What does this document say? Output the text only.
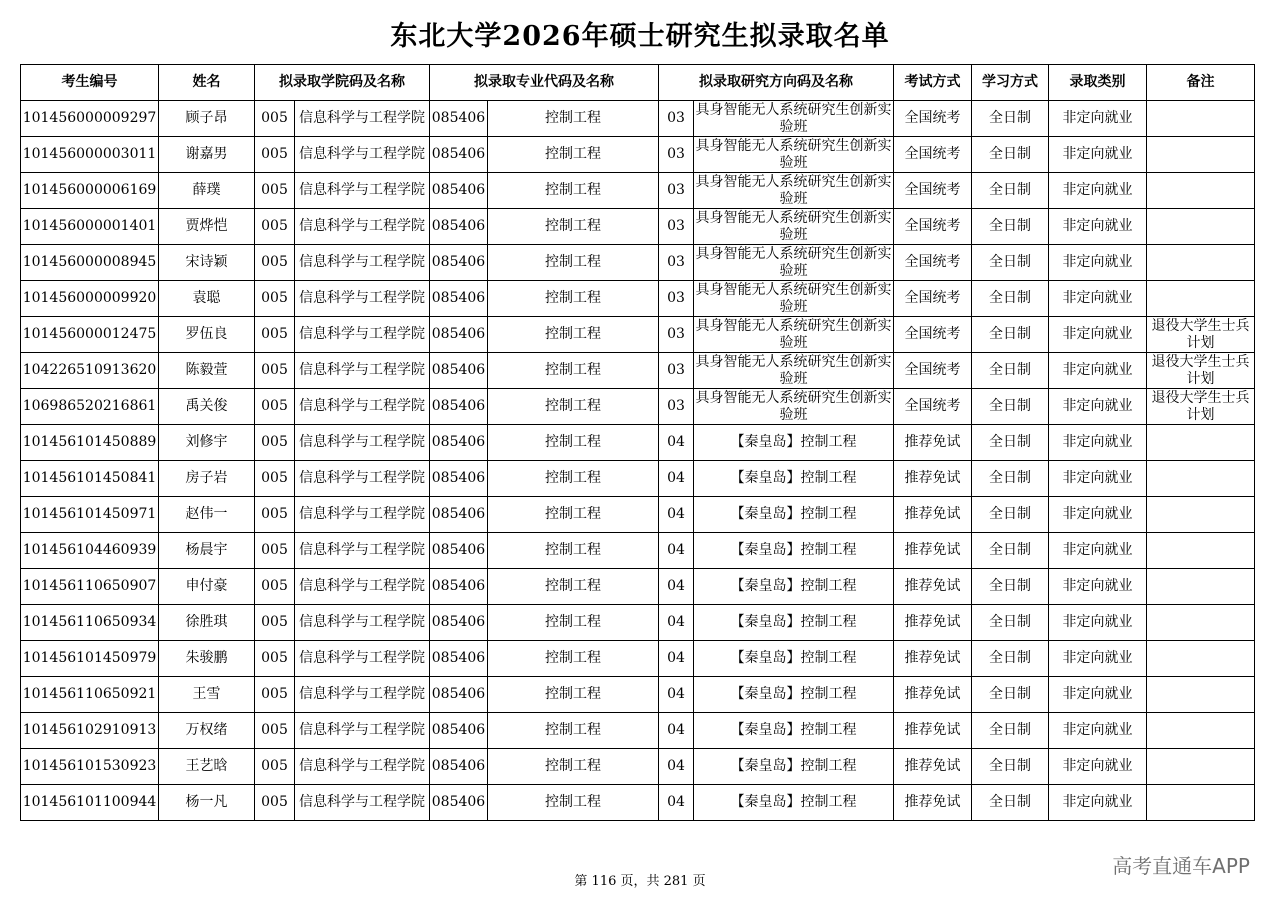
东北大学2026年硕士研究生拟录取名单
考生编号	姓名	拟录取学院码及名称		拟录取专业代码及名称		拟录取研究方向码及名称		考试方式	学习方式	录取类别	备注
101456000009297	顾子昂	005	信息科学与工程学院	085406	控制工程	03	具身智能无人系统研究生创新实验班	全国统考	全日制	非定向就业	
101456000003011	谢嘉男	005	信息科学与工程学院	085406	控制工程	03	具身智能无人系统研究生创新实验班	全国统考	全日制	非定向就业	
101456000006169	薛璞	005	信息科学与工程学院	085406	控制工程	03	具身智能无人系统研究生创新实验班	全国统考	全日制	非定向就业	
101456000001401	贾烨恺	005	信息科学与工程学院	085406	控制工程	03	具身智能无人系统研究生创新实验班	全国统考	全日制	非定向就业	
101456000008945	宋诗颖	005	信息科学与工程学院	085406	控制工程	03	具身智能无人系统研究生创新实验班	全国统考	全日制	非定向就业	
101456000009920	袁聪	005	信息科学与工程学院	085406	控制工程	03	具身智能无人系统研究生创新实验班	全国统考	全日制	非定向就业	
101456000012475	罗伍良	005	信息科学与工程学院	085406	控制工程	03	具身智能无人系统研究生创新实验班	全国统考	全日制	非定向就业	退役大学生士兵计划
104226510913620	陈毅萱	005	信息科学与工程学院	085406	控制工程	03	具身智能无人系统研究生创新实验班	全国统考	全日制	非定向就业	退役大学生士兵计划
106986520216861	禹关俊	005	信息科学与工程学院	085406	控制工程	03	具身智能无人系统研究生创新实验班	全国统考	全日制	非定向就业	退役大学生士兵计划
101456101450889	刘修宇	005	信息科学与工程学院	085406	控制工程	04	【秦皇岛】控制工程	推荐免试	全日制	非定向就业	
101456101450841	房子岩	005	信息科学与工程学院	085406	控制工程	04	【秦皇岛】控制工程	推荐免试	全日制	非定向就业	
101456101450971	赵伟一	005	信息科学与工程学院	085406	控制工程	04	【秦皇岛】控制工程	推荐免试	全日制	非定向就业	
101456104460939	杨晨宇	005	信息科学与工程学院	085406	控制工程	04	【秦皇岛】控制工程	推荐免试	全日制	非定向就业	
101456110650907	申付豪	005	信息科学与工程学院	085406	控制工程	04	【秦皇岛】控制工程	推荐免试	全日制	非定向就业	
101456110650934	徐胜琪	005	信息科学与工程学院	085406	控制工程	04	【秦皇岛】控制工程	推荐免试	全日制	非定向就业	
101456101450979	朱骏鹏	005	信息科学与工程学院	085406	控制工程	04	【秦皇岛】控制工程	推荐免试	全日制	非定向就业	
101456110650921	王雪	005	信息科学与工程学院	085406	控制工程	04	【秦皇岛】控制工程	推荐免试	全日制	非定向就业	
101456102910913	万权绪	005	信息科学与工程学院	085406	控制工程	04	【秦皇岛】控制工程	推荐免试	全日制	非定向就业	
101456101530923	王艺晗	005	信息科学与工程学院	085406	控制工程	04	【秦皇岛】控制工程	推荐免试	全日制	非定向就业	
101456101100944	杨一凡	005	信息科学与工程学院	085406	控制工程	04	【秦皇岛】控制工程	推荐免试	全日制	非定向就业	
第 116 页，共 281 页
高考直通车APP
